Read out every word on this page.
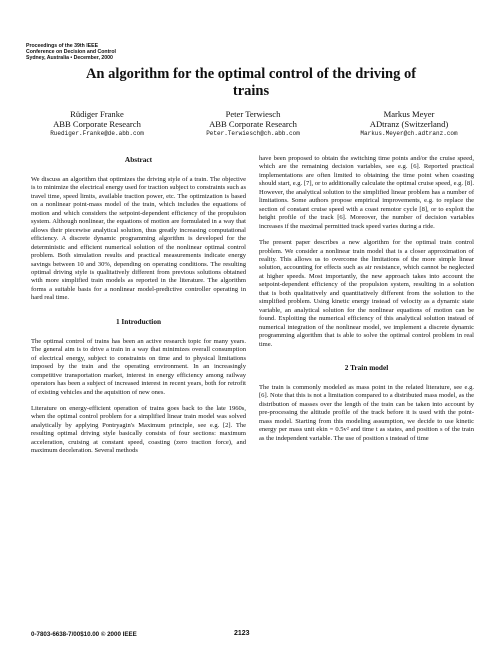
Proceedings of the 39th IEEE
Conference on Decision and Control
Sydney, Australia • December, 2000
An algorithm for the optimal control of the driving of
trains
Rüdiger Franke
ABB Corporate Research
Ruediger.Franke@de.abb.com
Peter Terwiesch
ABB Corporate Research
Peter.Terwiesch@ch.abb.com
Markus Meyer
ADtranz (Switzerland)
Markus.Meyer@ch.adtranz.com
Abstract

We discuss an algorithm that optimizes the driving style of a train. The objective is to minimize the electrical energy used for traction subject to constraints such as travel time, speed limits, available traction power, etc. The optimization is based on a nonlinear point-mass model of the train, which includes the equations of motion and which considers the setpoint-dependent efficiency of the propulsion system. Although nonlinear, the equations of motion are formulated in a way that allows their piecewise analytical solution, thus greatly increasing computational efficiency. A discrete dynamic programming algorithm is developed for the deterministic and efficient numerical solution of the nonlinear optimal control problem. Both simulation results and practical measurements indicate energy savings between 10 and 30%, depending on operating conditions. The resulting optimal driving style is qualitatively different from previous solutions obtained with more simplified train models as reported in the literature. The algorithm forms a suitable basis for a nonlinear model-predictive controller operating in hard real time.

1 Introduction

The optimal control of trains has been an active research topic for many years. The general aim is to drive a train in a way that minimizes overall consumption of electrical energy, subject to constraints on time and to physical limitations imposed by the train and the operating environment. In an increasingly competitive transportation market, interest in energy efficiency among railway operators has been a subject of increased interest in recent years, both for retrofit of existing vehicles and the aquisition of new ones.

Literature on energy-efficient operation of trains goes back to the late 1960s, when the optimal control problem for a simplified linear train model was solved analytically by applying Pontryagin's Maximum principle, see e.g. [2]. The resulting optimal driving style basically consists of four sections: maximum acceleration, cruising at constant speed, coasting (zero traction force), and maximum deceleration. Several methods

have been proposed to obtain the switching time points and/or the cruise speed, which are the remaining decision variables, see e.g. [6]. Reported practical implementations are often limited to obtaining the time point when coasting should start, e.g. [7], or to additionally calculate the optimal cruise speed, e.g. [8]. However, the analytical solution to the simplified linear problem has a number of limitations. Some authors propose empirical improvements, e.g. to replace the section of constant cruise speed with a coast remotor cycle [8], or to exploit the height profile of the track [6]. Moreover, the number of decision variables increases if the maximal permitted track speed varies during a ride.

The present paper describes a new algorithm for the optimal train control problem. We consider a nonlinear train model that is a closer approximation of reality. This allows us to overcome the limitations of the more simple linear solution, accounting for effects such as air resistance, which cannot be neglected at higher speeds. Most importantly, the new approach takes into account the setpoint-dependent efficiency of the propulsion system, resulting in a solution that is both qualitatively and quantitatively different from the solution to the simplified problem. Using kinetic energy instead of velocity as a dynamic state variable, an analytical solution for the nonlinear equations of motion can be found. Exploiting the numerical efficiency of this analytical solution instead of numerical integration of the nonlinear model, we implement a discrete dynamic programming algorithm that is able to solve the optimal control problem in real time.

2 Train model

The train is commonly modeled as mass point in the related literature, see e.g. [6]. Note that this is not a limitation compared to a distributed mass model, as the distribution of masses over the length of the train can be taken into account by pre-processing the altitude profile of the track before it is used with the point-mass model. Starting from this modeling assumption, we decide to use kinetic energy per mass unit ekin = 0.5v² and time t as states, and position s of the train as the independent variable. The use of position s instead of time

0-7803-6638-7/00$10.00 © 2000 IEEE	2123
